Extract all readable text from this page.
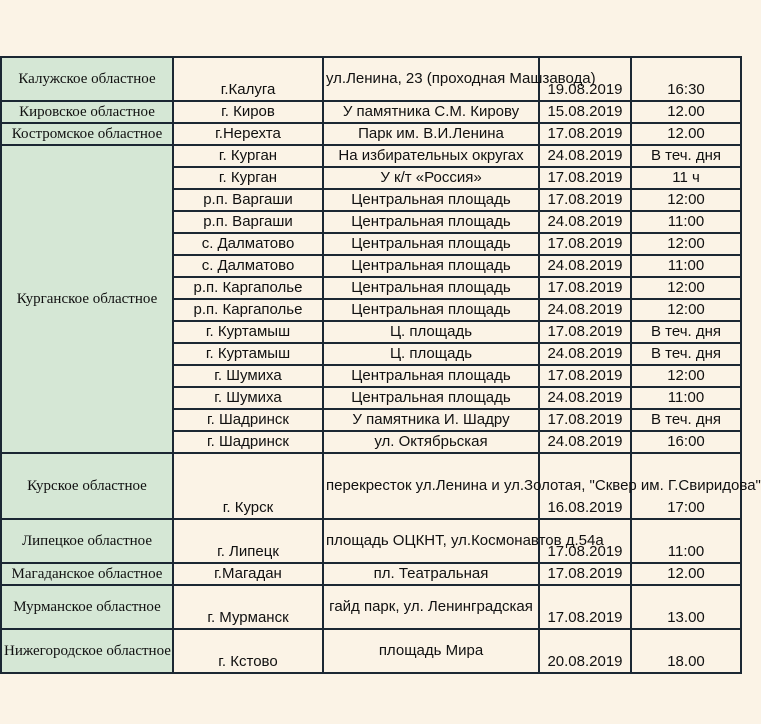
Калужское областное	г.Калуга	ул.Ленина, 23 (проходная Машзавода)	19.08.2019	16:30
Кировское областное	г. Киров	У памятника С.М. Кирову	15.08.2019	12.00
Костромское областное	г.Нерехта	Парк им. В.И.Ленина	17.08.2019	12.00
Курганское областное	г. Курган	На избирательных округах	24.08.2019	В теч. дня
	г. Курган	У к/т «Россия»	17.08.2019	11 ч
	р.п. Варгаши	Центральная площадь	17.08.2019	12:00
	р.п. Варгаши	Центральная площадь	24.08.2019	11:00
	с. Далматово	Центральная площадь	17.08.2019	12:00
	с. Далматово	Центральная площадь	24.08.2019	11:00
	р.п. Каргаполье	Центральная площадь	17.08.2019	12:00
	р.п. Каргаполье	Центральная площадь	24.08.2019	12:00
	г. Куртамыш	Ц. площадь	17.08.2019	В теч. дня
	г. Куртамыш	Ц. площадь	24.08.2019	В теч. дня
	г. Шумиха	Центральная площадь	17.08.2019	12:00
	г. Шумиха	Центральная площадь	24.08.2019	11:00
	г. Шадринск	У памятника И. Шадру	17.08.2019	В теч. дня
	г. Шадринск	ул. Октябрьская	24.08.2019	16:00
Курское областное	г. Курск	перекресток ул.Ленина и ул.Золотая, "Сквер им. Г.Свиридова"	16.08.2019	17:00
Липецкое областное	г. Липецк	площадь ОЦКНТ, ул.Космонавтов д.54а	17.08.2019	11:00
Магаданское областное	г.Магадан	пл. Театральная	17.08.2019	12.00
Мурманское областное	г. Мурманск	гайд парк, ул. Ленинградская	17.08.2019	13.00
Нижегородское областное	г. Кстово	площадь Мира	20.08.2019	18.00
